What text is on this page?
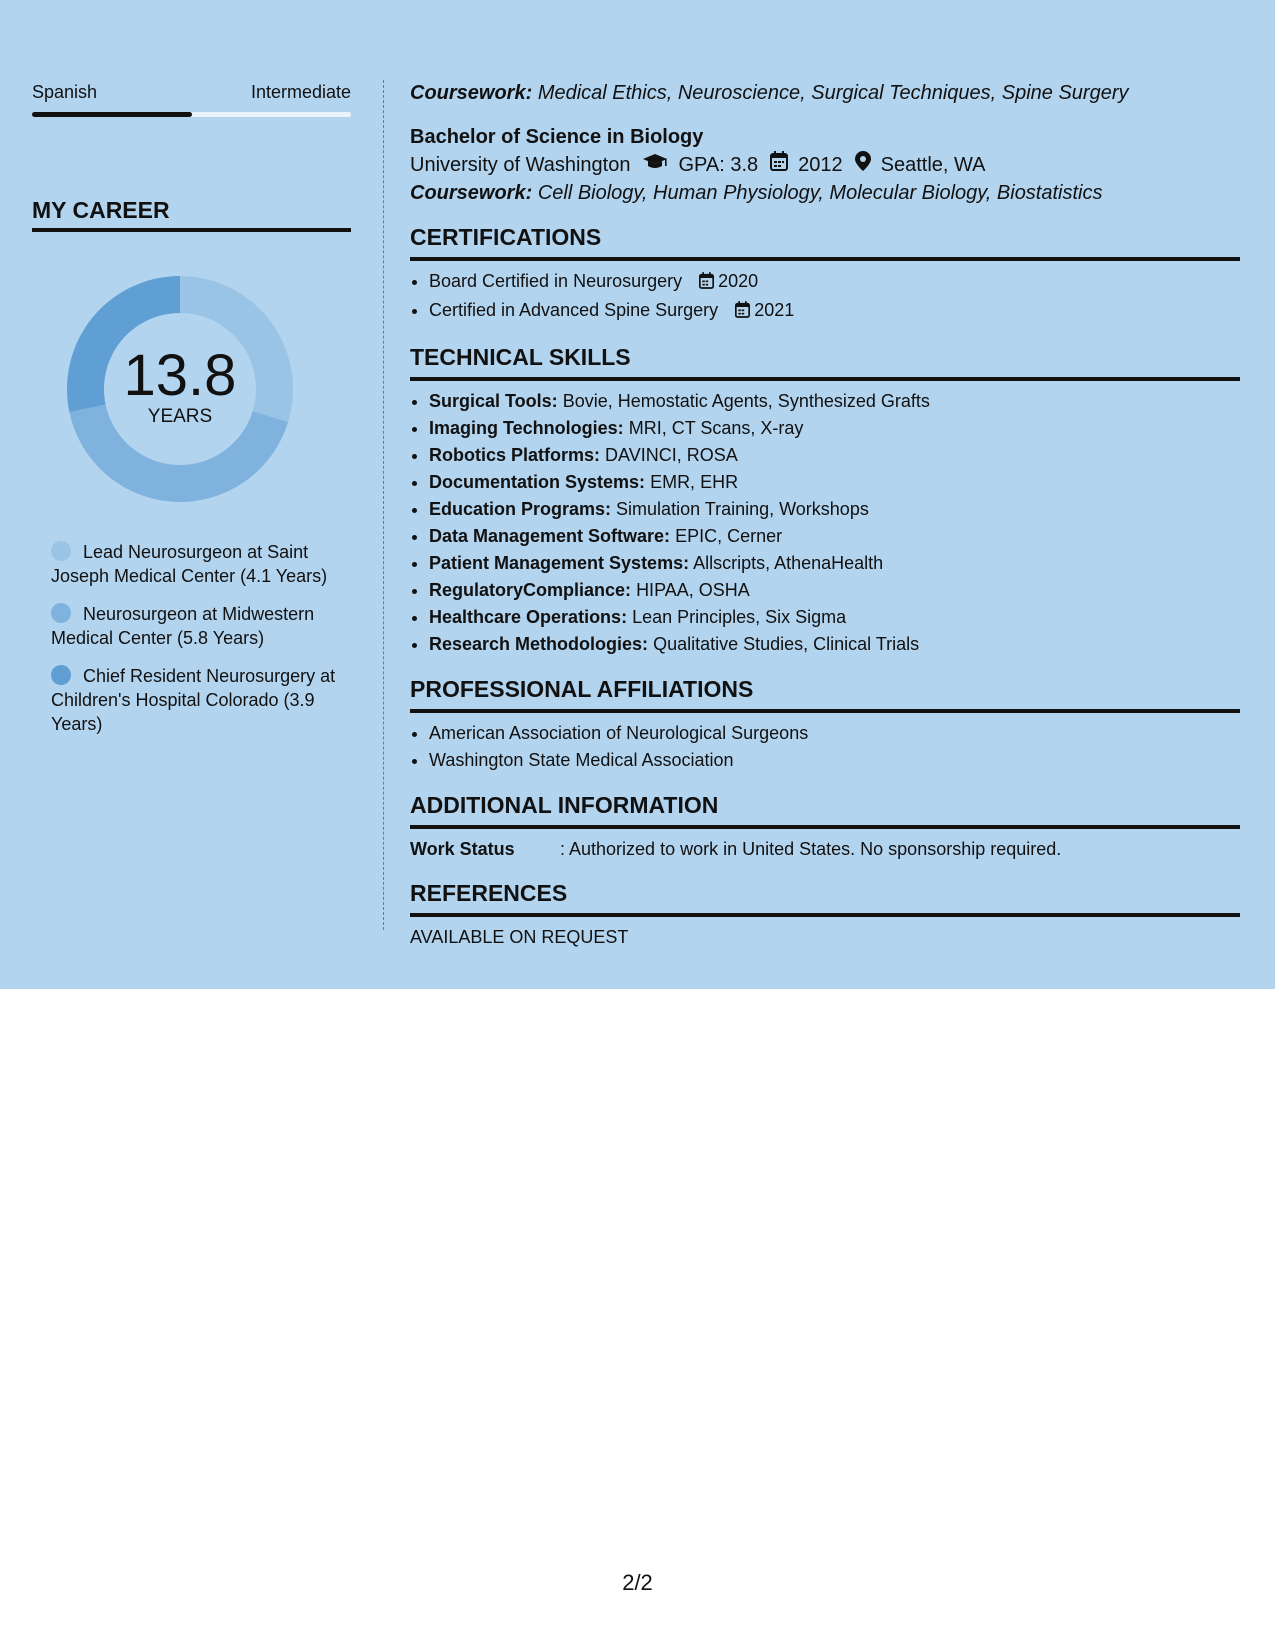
Spanish	Intermediate
MY CAREER
13.8
YEARS
Lead Neurosurgeon at Saint Joseph Medical Center (4.1 Years)
Neurosurgeon at Midwestern Medical Center (5.8 Years)
Chief Resident Neurosurgery at Children's Hospital Colorado (3.9 Years)
Coursework: Medical Ethics, Neuroscience, Surgical Techniques, Spine Surgery
Bachelor of Science in Biology
University of Washington GPA: 3.8 2012 Seattle, WA
Coursework: Cell Biology, Human Physiology, Molecular Biology, Biostatistics
CERTIFICATIONS
• Board Certified in Neurosurgery 2020
• Certified in Advanced Spine Surgery 2021
TECHNICAL SKILLS
• Surgical Tools: Bovie, Hemostatic Agents, Synthesized Grafts
• Imaging Technologies: MRI, CT Scans, X-ray
• Robotics Platforms: DAVINCI, ROSA
• Documentation Systems: EMR, EHR
• Education Programs: Simulation Training, Workshops
• Data Management Software: EPIC, Cerner
• Patient Management Systems: Allscripts, AthenaHealth
• RegulatoryCompliance: HIPAA, OSHA
• Healthcare Operations: Lean Principles, Six Sigma
• Research Methodologies: Qualitative Studies, Clinical Trials
PROFESSIONAL AFFILIATIONS
• American Association of Neurological Surgeons
• Washington State Medical Association
ADDITIONAL INFORMATION
Work Status	: Authorized to work in United States. No sponsorship required.
REFERENCES
AVAILABLE ON REQUEST
2/2
